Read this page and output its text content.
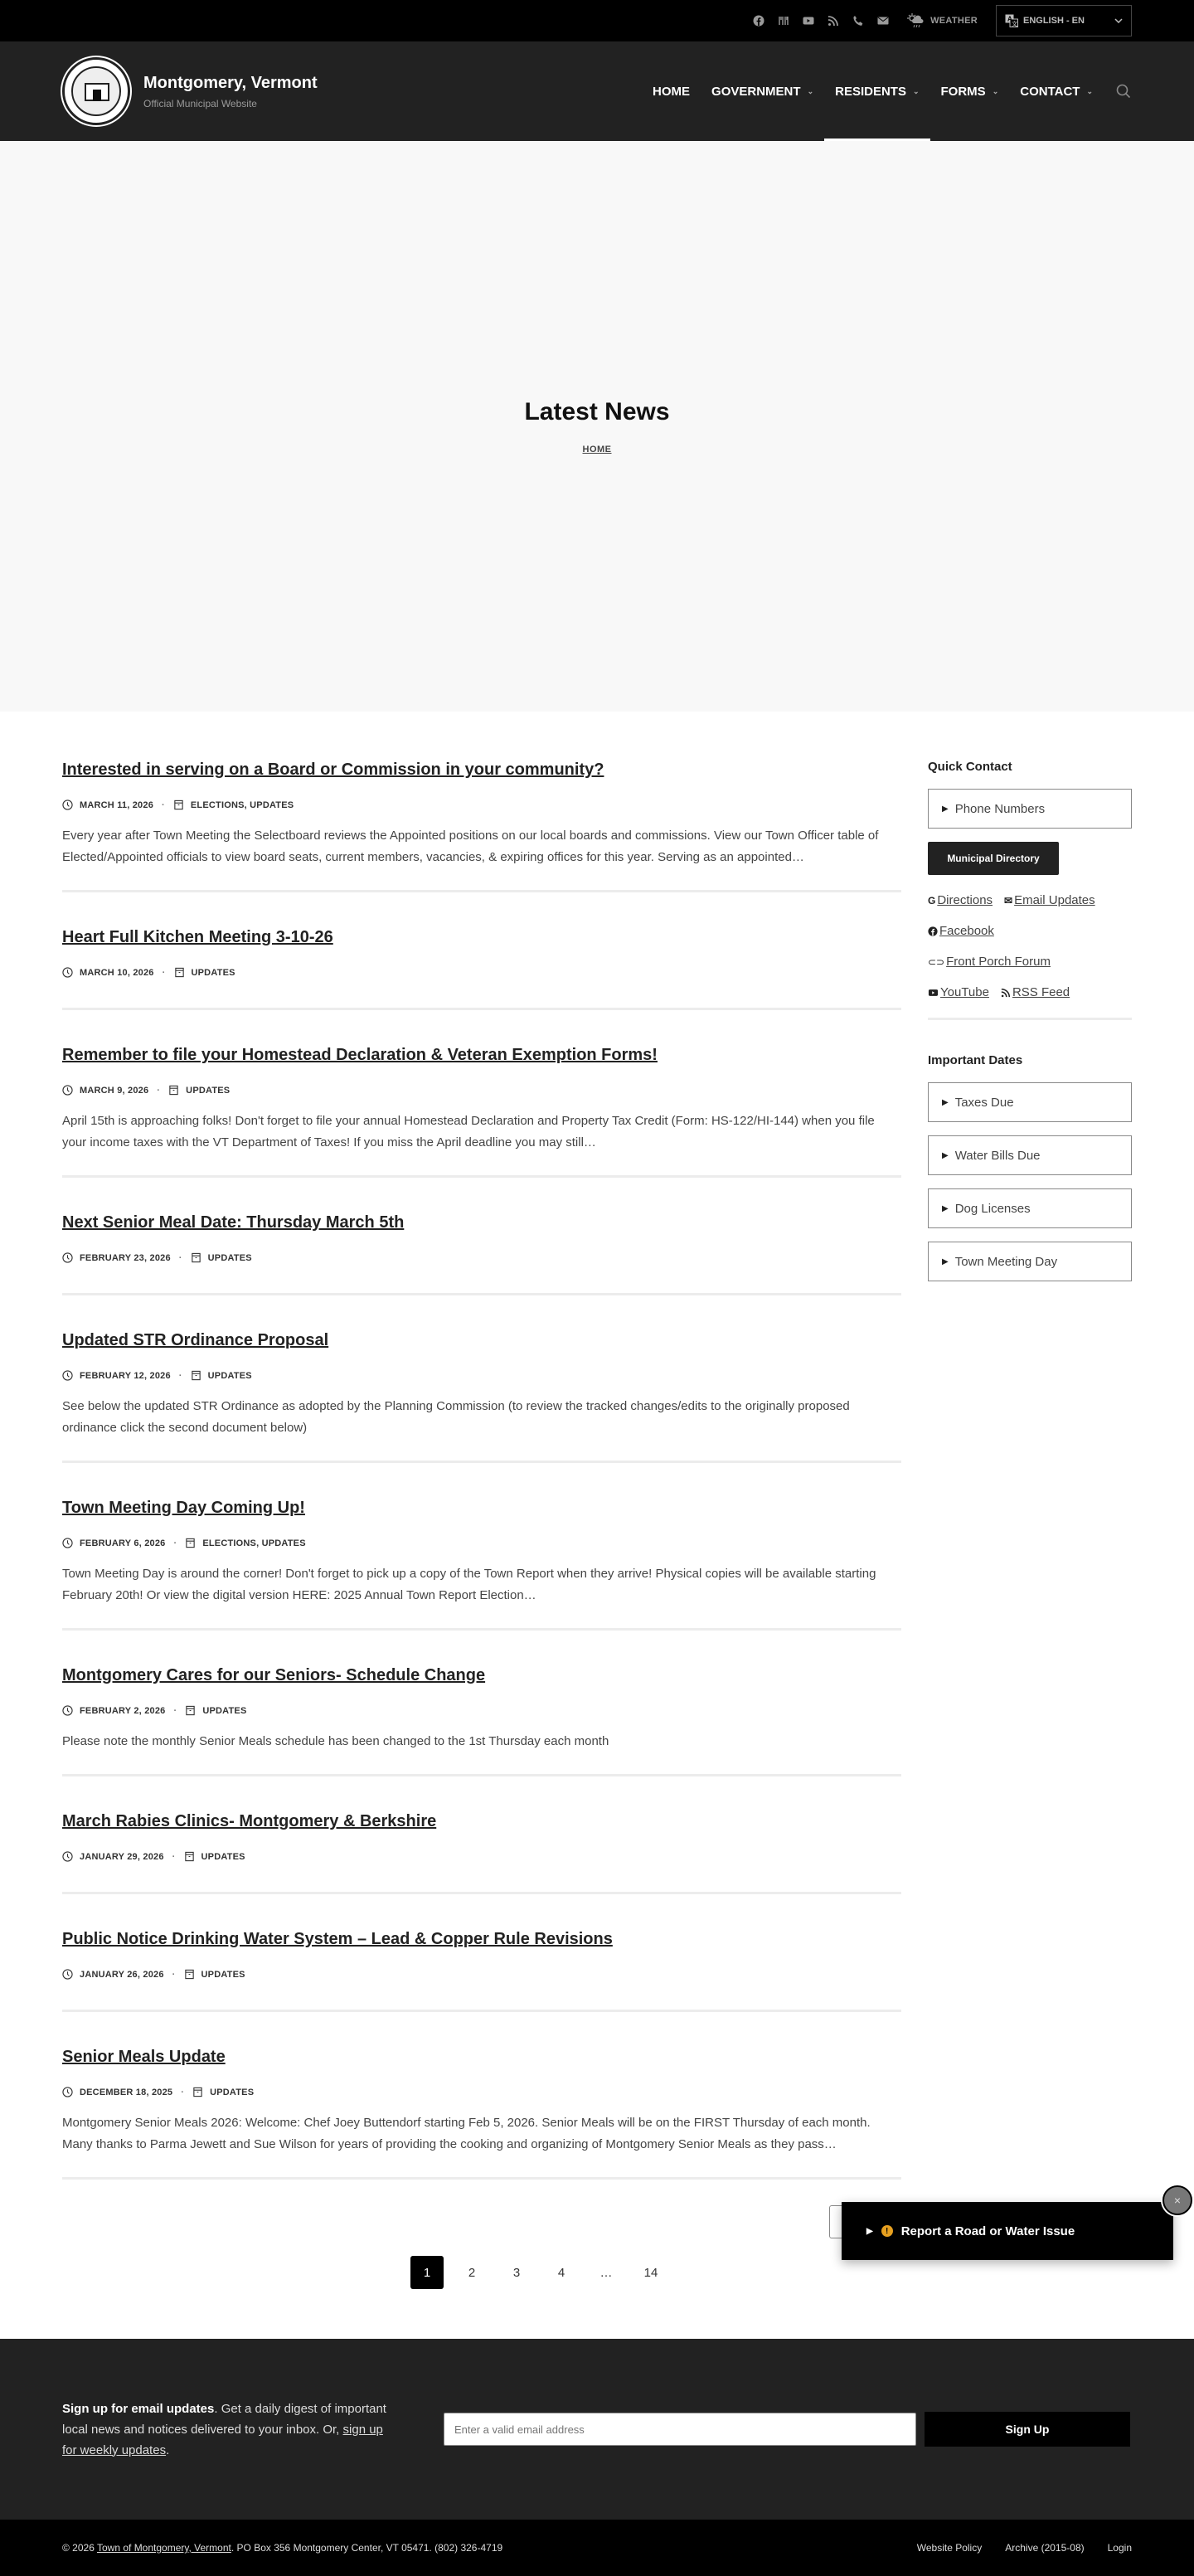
WEATHER	A
文 ENGLISH - EN
Montgomery, Vermont
Official Municipal Website
HOME GOVERNMENT ⌄ RESIDENTS ⌄ FORMS ⌄ CONTACT ⌄
Latest News
HOME
Interested in serving on a Board or Commission in your community?
MARCH 11, 2026 ·	ELECTIONS, UPDATES

Every year after Town Meeting the Selectboard reviews the Appointed positions on our local boards and commissions. View our Town Officer table of Elected/Appointed officials to view board seats, current members, vacancies, & expiring offices for this year. Serving as an appointed…

Heart Full Kitchen Meeting 3-10-26
MARCH 10, 2026 ·	UPDATES
Remember to file your Homestead Declaration & Veteran Exemption Forms!
MARCH 9, 2026 ·	UPDATES

April 15th is approaching folks! Don't forget to file your annual Homestead Declaration and Property Tax Credit (Form: HS-122/HI-144) when you file your income taxes with the VT Department of Taxes! If you miss the April deadline you may still…

Next Senior Meal Date: Thursday March 5th
FEBRUARY 23, 2026 ·	UPDATES
Updated STR Ordinance Proposal
FEBRUARY 12, 2026 ·	UPDATES

See below the updated STR Ordinance as adopted by the Planning Commission (to review the tracked changes/edits to the originally proposed ordinance click the second document below)

Town Meeting Day Coming Up!
FEBRUARY 6, 2026 ·	ELECTIONS, UPDATES

Town Meeting Day is around the corner! Don't forget to pick up a copy of the Town Report when they arrive! Physical copies will be available starting February 20th! Or view the digital version HERE: 2025 Annual Town Report Election…

Montgomery Cares for our Seniors- Schedule Change
FEBRUARY 2, 2026 ·	UPDATES

Please note the monthly Senior Meals schedule has been changed to the 1st Thursday each month

March Rabies Clinics- Montgomery & Berkshire
JANUARY 29, 2026 ·	UPDATES
Public Notice Drinking Water System – Lead & Copper Rule Revisions
JANUARY 26, 2026 ·	UPDATES
Senior Meals Update
DECEMBER 18, 2025 ·	UPDATES

Montgomery Senior Meals 2026: Welcome: Chef Joey Buttendorf starting Feb 5, 2026. Senior Meals will be on the FIRST Thursday of each month. Many thanks to Parma Jewett and Sue Wilson for years of providing the cooking and organizing of Montgomery Senior Meals as they pass…

Quick Contact
▶ Phone Numbers
Municipal Directory
G Directions ✉ Email Updates
Facebook
⊂⊃ Front Porch Forum
YouTube RSS Feed
Important Dates
▶ Taxes Due
▶ Water Bills Due
▶ Dog Licenses
▶ Town Meeting Day
1	2	3	4	…	14
▶	!	Report a Road or Water Issue
×

Sign up for email updates. Get a daily digest of important local news and notices delivered to your inbox. Or, sign up for weekly updates.

Enter a valid email address
Sign Up
© 2026 Town of Montgomery, Vermont. PO Box 356 Montgomery Center, VT 05471. (802) 326-4719	Website Policy Archive (2015-08) Login
